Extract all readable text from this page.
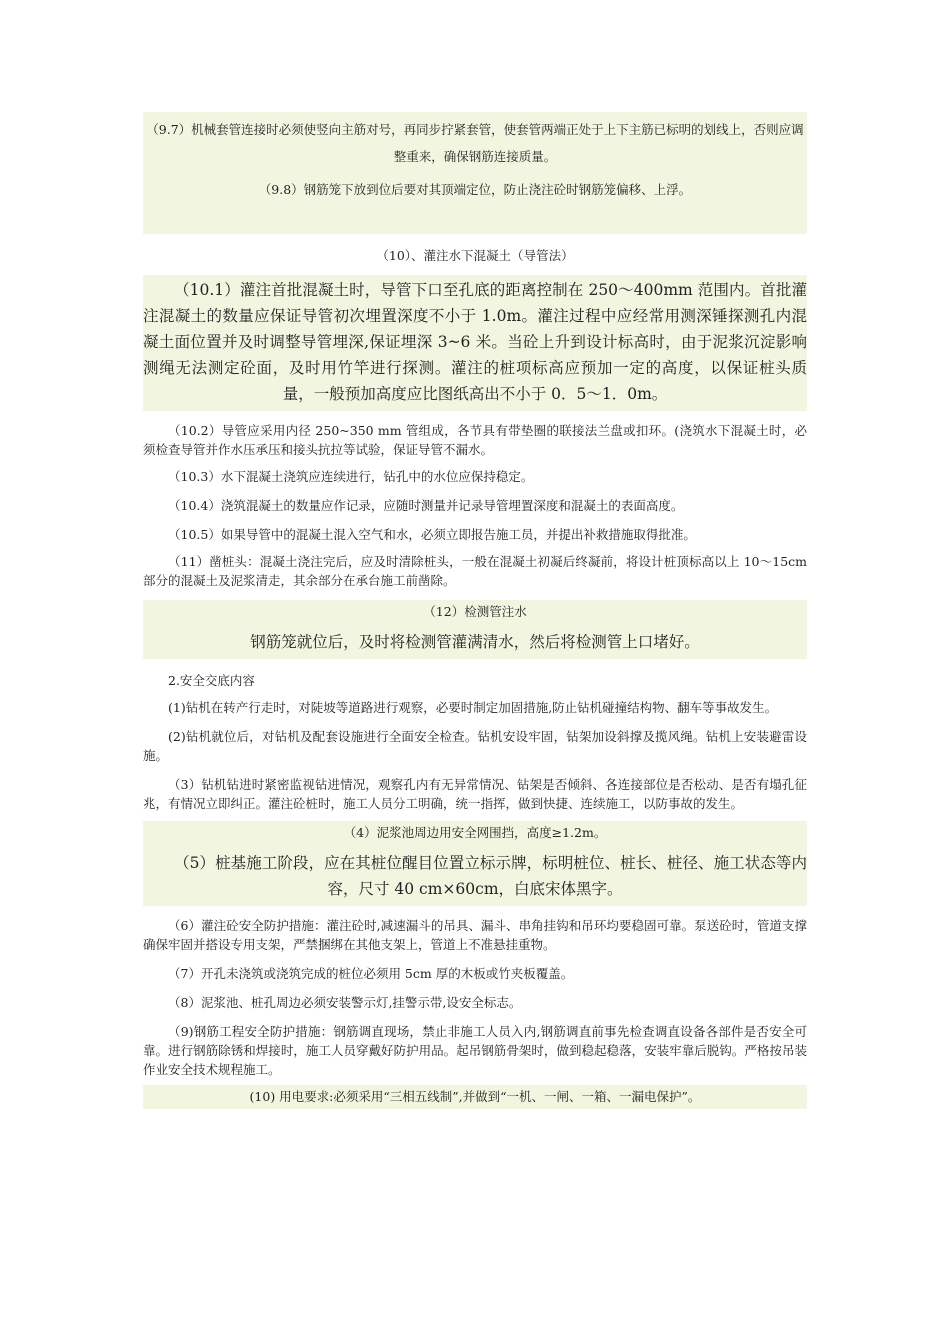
（9.7）机械套管连接时必须使竖向主筋对号，再同步拧紧套管，使套管两端正处于上下主筋已标明的划线上，否则应调整重来，确保钢筋连接质量。

（9.8）钢筋笼下放到位后要对其顶端定位，防止浇注砼时钢筋笼偏移、上浮。

（10）、灌注水下混凝土（导管法）

（10.1）灌注首批混凝土时，导管下口至孔底的距离控制在 250～400mm 范围内。首批灌注混凝土的数量应保证导管初次埋置深度不小于 1.0m。灌注过程中应经常用测深锤探测孔内混凝土面位置并及时调整导管埋深,保证埋深 3~6 米。当砼上升到设计标高时，由于泥浆沉淀影响测绳无法测定砼面，及时用竹竿进行探测。灌注的桩项标高应预加一定的高度，以保证桩头质量，一般预加高度应比图纸高出不小于 0．5～1．0m。

（10.2）导管应采用内径 250~350 mm 管组成，各节具有带垫圈的联接法兰盘或扣环。(浇筑水下混凝土时，必须检查导管并作水压承压和接头抗拉等试验，保证导管不漏水。

（10.3）水下混凝土浇筑应连续进行，钻孔中的水位应保持稳定。

（10.4）浇筑混凝土的数量应作记录，应随时测量并记录导管埋置深度和混凝土的表面高度。

（10.5）如果导管中的混凝土混入空气和水，必须立即报告施工员，并提出补救措施取得批准。

（11）凿桩头：混凝土浇注完后，应及时清除桩头，一般在混凝土初凝后终凝前，将设计桩顶标高以上 10～15cm 部分的混凝土及泥浆清走，其余部分在承台施工前凿除。

（12）检测管注水

钢筋笼就位后，及时将检测管灌满清水，然后将检测管上口堵好。

2.安全交底内容

(1)钻机在转产行走时，对陡坡等道路进行观察，必要时制定加固措施,防止钻机碰撞结构物、翻车等事故发生。

(2)钻机就位后，对钻机及配套设施进行全面安全检查。钻机安设牢固，钻架加设斜撑及揽风绳。钻机上安装避雷设施。

（3）钻机钻进时紧密监视钻进情况，观察孔内有无异常情况、钻架是否倾斜、各连接部位是否松动、是否有塌孔征兆，有情况立即纠正。灌注砼桩时，施工人员分工明确，统一指挥，做到快捷、连续施工，以防事故的发生。

（4）泥浆池周边用安全网围挡，高度≥1.2m。

（5）桩基施工阶段，应在其桩位醒目位置立标示牌，标明桩位、桩长、桩径、施工状态等内容，尺寸 40 cm×60cm，白底宋体黑字。

（6）灌注砼安全防护措施：灌注砼时,减速漏斗的吊具、漏斗、串角挂钩和吊环均要稳固可靠。泵送砼时，管道支撑确保牢固并搭设专用支架，严禁捆绑在其他支架上，管道上不准悬挂重物。

（7）开孔未浇筑或浇筑完成的桩位必须用 5cm 厚的木板或竹夹板覆盖。

（8）泥浆池、桩孔周边必须安装警示灯,挂警示带,设安全标志。

（9)钢筋工程安全防护措施：钢筋调直现场，禁止非施工人员入内,钢筋调直前事先检查调直设备各部件是否安全可靠。进行钢筋除锈和焊接时，施工人员穿戴好防护用品。起吊钢筋骨架时，做到稳起稳落，安装牢靠后脱钩。严格按吊装作业安全技术规程施工。

(10) 用电要求:必须采用“三相五线制”,并做到“一机、一闸、一箱、一漏电保护”。
